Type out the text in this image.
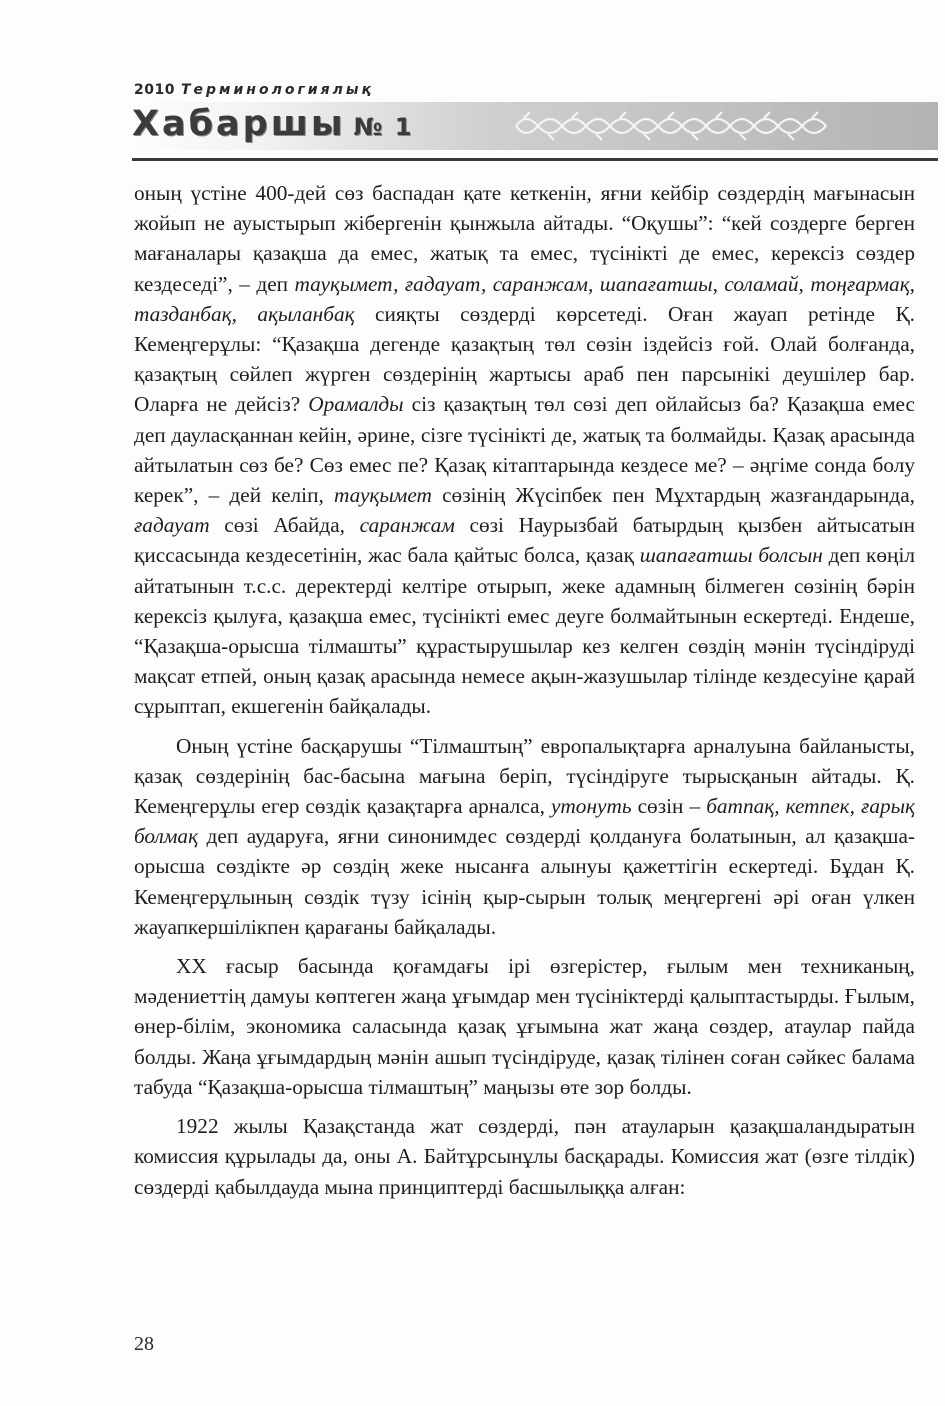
2010 Терминологиялық
Хабаршы № 1

оның үстіне 400-дей сөз баспадан қате кеткенін, яғни кейбір сөздердің мағынасын жойып не ауыстырып жібергенін қынжыла айтады. “Оқушы”: “кей создерге берген мағаналары қазақша да емес, жатық та емес, түсінікті де емес, керексіз сөздер кездеседі”, – деп тауқымет, ғадауат, саранжам, шапағатшы, соламай, тоңғармақ, тазданбақ, ақыланбақ сияқты сөздерді көрсетеді. Оған жауап ретінде Қ. Кемеңгерұлы: “Қазақша дегенде қазақтың төл сөзін іздейсіз ғой. Олай болғанда, қазақтың сөйлеп жүрген сөздерінің жартысы араб пен парсынікі деушілер бар. Оларға не дейсіз? Орамалды сіз қазақтың төл сөзі деп ойлайсыз ба? Қазақша емес деп дауласқаннан кейін, әрине, сізге түсінікті де, жатық та болмайды. Қазақ арасында айтылатын сөз бе? Сөз емес пе? Қазақ кітаптарында кездесе ме? – әңгіме сонда болу керек”, – дей келіп, тауқымет сөзінің Жүсіпбек пен Мұхтардың жазғандарында, ғадауат сөзі Абайда, саранжам сөзі Наурызбай батырдың қызбен айтысатын қиссасында кездесетінін, жас бала қайтыс болса, қазақ шапағатшы болсын деп көңіл айтатынын т.с.с. деректерді келтіре отырып, жеке адамның білмеген сөзінің бәрін керексіз қылуға, қазақша емес, түсінікті емес деуге болмайтынын ескертеді. Ендеше, “Қазақша-орысша тілмашты” құрастырушылар кез келген сөздің мәнін түсіндіруді мақсат етпей, оның қазақ арасында немесе ақын-жазушылар тілінде кездесуіне қарай сұрыптап, екшегенін байқалады.

Оның үстіне басқарушы “Тілмаштың” европалықтарға арналуына байланысты, қазақ сөздерінің бас-басына мағына беріп, түсіндіруге тырысқанын айтады. Қ. Кемеңгерұлы егер сөздік қазақтарға арналса, утонуть сөзін – батпақ, кетпек, ғарық болмақ деп аударуға, яғни синонимдес сөздерді қолдануға болатынын, ал қазақша-орысша сөздікте әр сөздің жеке нысанға алынуы қажеттігін ескертеді. Бұдан Қ. Кемеңгерұлының сөздік түзу ісінің қыр-сырын толық меңгергені әрі оған үлкен жауапкершілікпен қарағаны байқалады.

ХХ ғасыр басында қоғамдағы ірі өзгерістер, ғылым мен техниканың, мәдениеттің дамуы көптеген жаңа ұғымдар мен түсініктерді қалыптастырды. Ғылым, өнер-білім, экономика саласында қазақ ұғымына жат жаңа сөздер, атаулар пайда болды. Жаңа ұғымдардың мәнін ашып түсіндіруде, қазақ тілінен соған сәйкес балама табуда “Қазақша-орысша тілмаштың” маңызы өте зор болды.

1922 жылы Қазақстанда жат сөздерді, пән атауларын қазақшаландыратын комиссия құрылады да, оны А. Байтұрсынұлы басқарады. Комиссия жат (өзге тілдік) сөздерді қабылдауда мына принциптерді басшылыққа алған:

28
